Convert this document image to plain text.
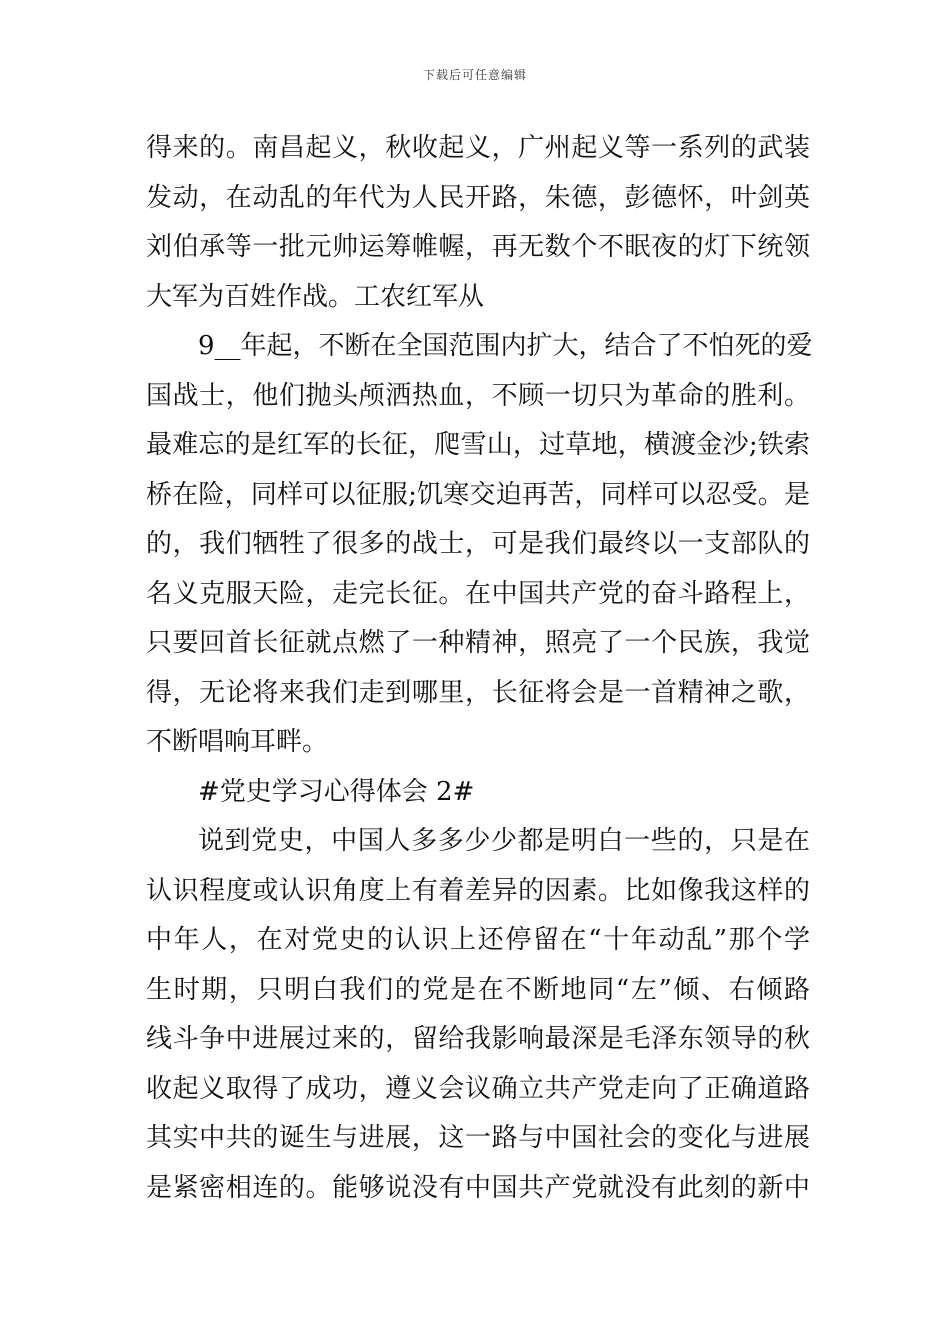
下载后可任意编辑
得来的。南昌起义，秋收起义，广州起义等一系列的武装
发动，在动乱的年代为人民开路，朱德，彭德怀，叶剑英
刘伯承等一批元帅运筹帷幄，再无数个不眠夜的灯下统领
大军为百姓作战。工农红军从
9__年起，不断在全国范围内扩大，结合了不怕死的爱
国战士，他们抛头颅洒热血，不顾一切只为革命的胜利。
最难忘的是红军的长征，爬雪山，过草地，横渡金沙;铁索
桥在险，同样可以征服;饥寒交迫再苦，同样可以忍受。是
的，我们牺牲了很多的战士，可是我们最终以一支部队的
名义克服天险，走完长征。在中国共产党的奋斗路程上，
只要回首长征就点燃了一种精神，照亮了一个民族，我觉
得，无论将来我们走到哪里，长征将会是一首精神之歌，
不断唱响耳畔。
#党史学习心得体会 2#
说到党史，中国人多多少少都是明白一些的，只是在
认识程度或认识角度上有着差异的因素。比如像我这样的
中年人，在对党史的认识上还停留在“十年动乱”那个学
生时期，只明白我们的党是在不断地同“左”倾、右倾路
线斗争中进展过来的，留给我影响最深是毛泽东领导的秋
收起义取得了成功，遵义会议确立共产党走向了正确道路
其实中共的诞生与进展，这一路与中国社会的变化与进展
是紧密相连的。能够说没有中国共产党就没有此刻的新中
